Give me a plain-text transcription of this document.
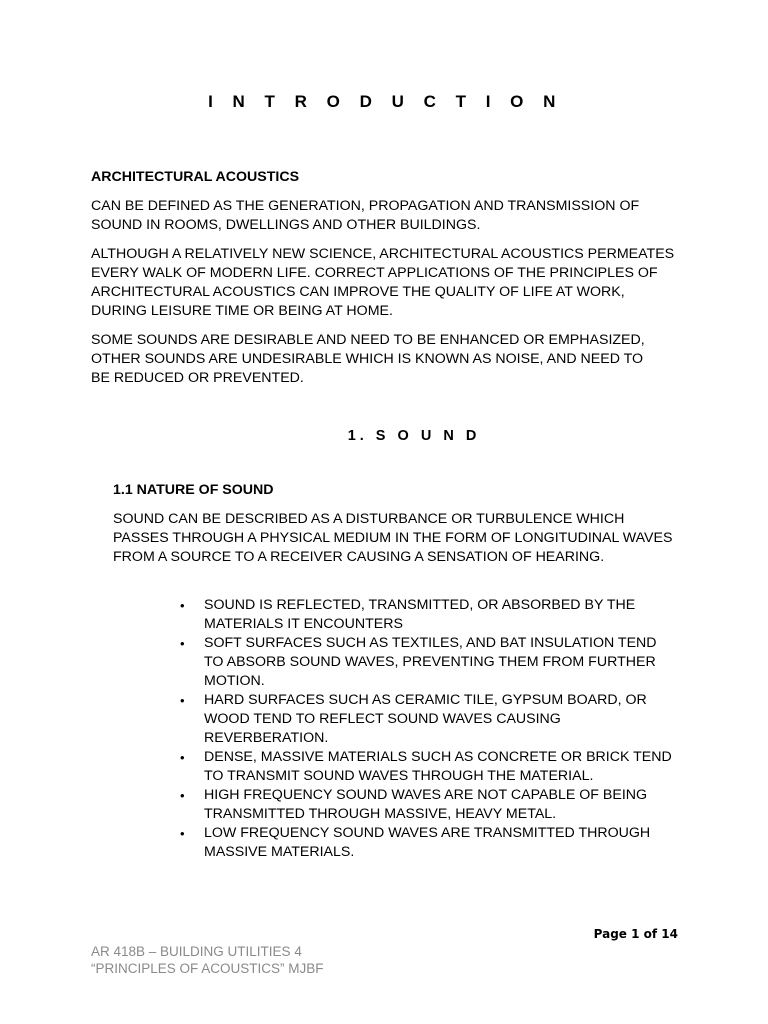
I N T R O D U C T I O N
ARCHITECTURAL ACOUSTICS

CAN BE DEFINED AS THE GENERATION, PROPAGATION AND TRANSMISSION OF SOUND IN ROOMS, DWELLINGS AND OTHER BUILDINGS.

ALTHOUGH A RELATIVELY NEW SCIENCE, ARCHITECTURAL ACOUSTICS PERMEATES EVERY WALK OF MODERN LIFE. CORRECT APPLICATIONS OF THE PRINCIPLES OF ARCHITECTURAL ACOUSTICS CAN IMPROVE THE QUALITY OF LIFE AT WORK, DURING LEISURE TIME OR BEING AT HOME.

SOME SOUNDS ARE DESIRABLE AND NEED TO BE ENHANCED OR EMPHASIZED, OTHER SOUNDS ARE UNDESIRABLE WHICH IS KNOWN AS NOISE, AND NEED TO BE REDUCED OR PREVENTED.

1. S O U N D
1.1 NATURE OF SOUND

SOUND CAN BE DESCRIBED AS A DISTURBANCE OR TURBULENCE WHICH PASSES THROUGH A PHYSICAL MEDIUM IN THE FORM OF LONGITUDINAL WAVES FROM A SOURCE TO A RECEIVER CAUSING A SENSATION OF HEARING.

• SOUND IS REFLECTED, TRANSMITTED, OR ABSORBED BY THE MATERIALS IT ENCOUNTERS
• SOFT SURFACES SUCH AS TEXTILES, AND BAT INSULATION TEND TO ABSORB SOUND WAVES, PREVENTING THEM FROM FURTHER MOTION.
• HARD SURFACES SUCH AS CERAMIC TILE, GYPSUM BOARD, OR WOOD TEND TO REFLECT SOUND WAVES CAUSING REVERBERATION.
• DENSE, MASSIVE MATERIALS SUCH AS CONCRETE OR BRICK TEND TO TRANSMIT SOUND WAVES THROUGH THE MATERIAL.
• HIGH FREQUENCY SOUND WAVES ARE NOT CAPABLE OF BEING TRANSMITTED THROUGH MASSIVE, HEAVY METAL.
• LOW FREQUENCY SOUND WAVES ARE TRANSMITTED THROUGH MASSIVE MATERIALS.
Page 1 of 14
AR 418B – BUILDING UTILITIES 4
“PRINCIPLES OF ACOUSTICS” MJBF
